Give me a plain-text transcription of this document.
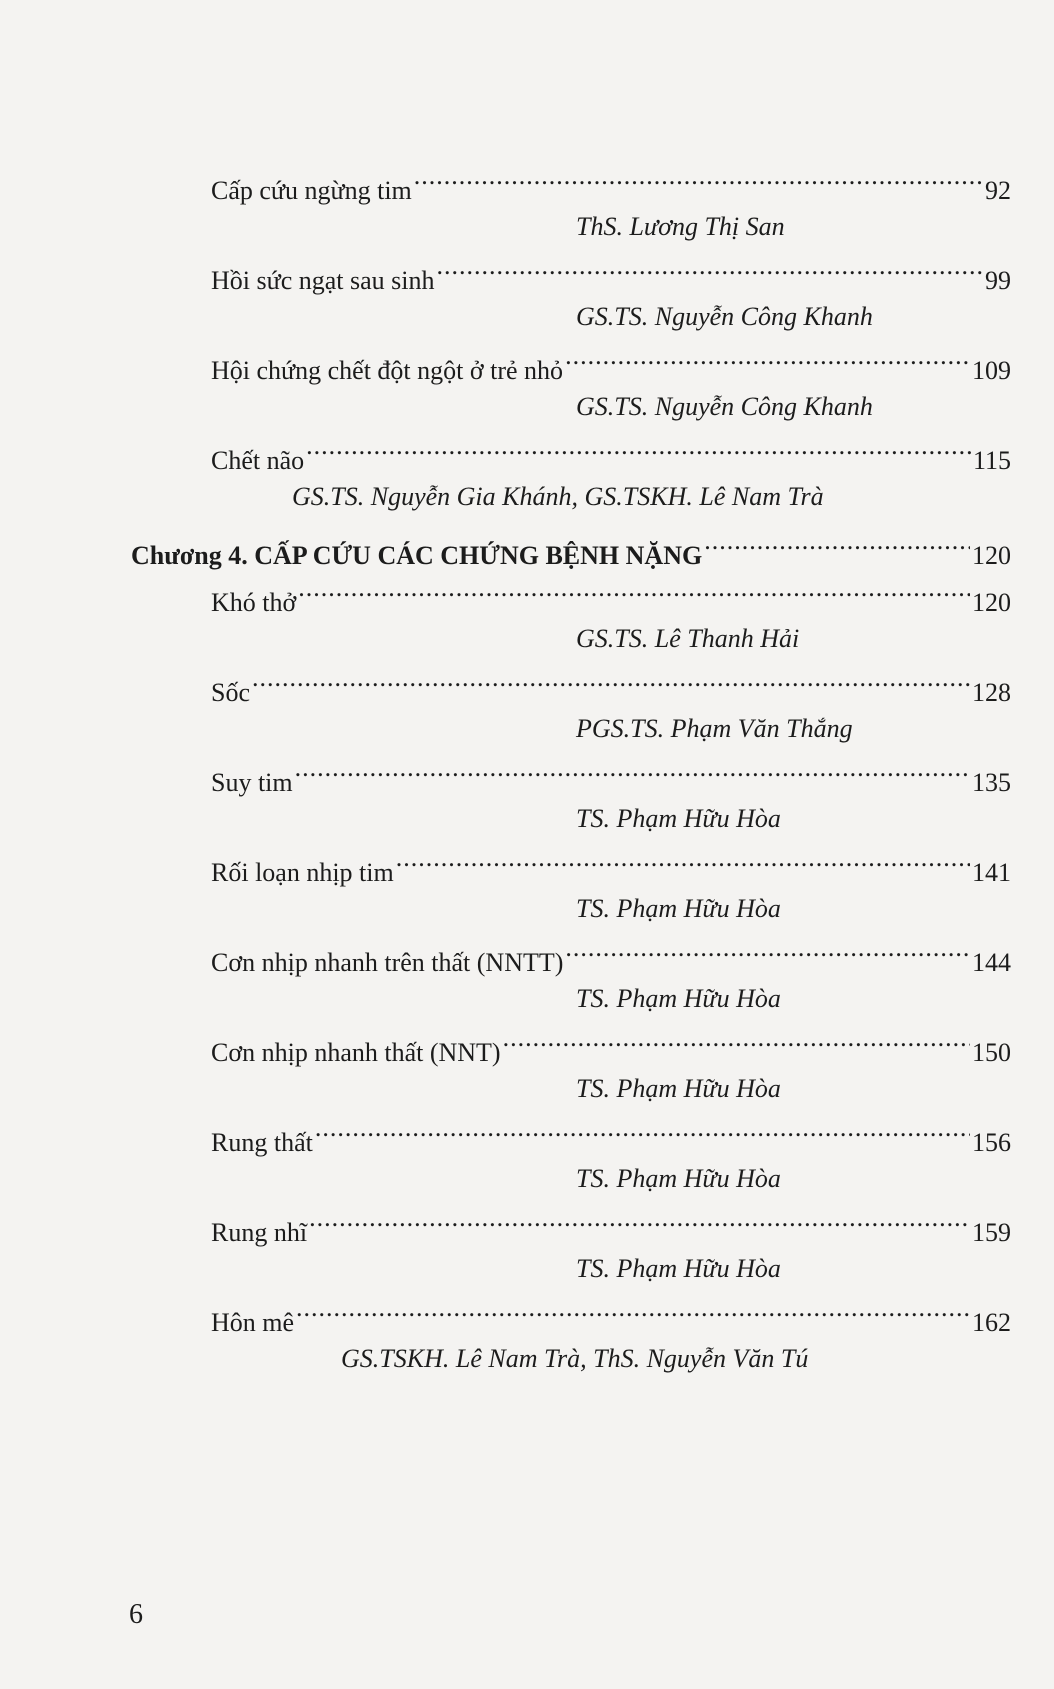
Cấp cứu ngừng tim .....	92
ThS. Lương Thị San
Hồi sức ngạt sau sinh .....	99
GS.TS. Nguyễn Công Khanh
Hội chứng chết đột ngột ở trẻ nhỏ .....	109
GS.TS. Nguyễn Công Khanh
Chết não .....	115
GS.TS. Nguyễn Gia Khánh, GS.TSKH. Lê Nam Trà
Chương 4. CẤP CỨU CÁC CHỨNG BỆNH NẶNG .....	120
Khó thở .....	120
GS.TS. Lê Thanh Hải
Sốc .....	128
PGS.TS. Phạm Văn Thắng
Suy tim .....	135
TS. Phạm Hữu Hòa
Rối loạn nhịp tim .....	141
TS. Phạm Hữu Hòa
Cơn nhịp nhanh trên thất (NNTT) .....	144
TS. Phạm Hữu Hòa
Cơn nhịp nhanh thất (NNT) .....	150
TS. Phạm Hữu Hòa
Rung thất .....	156
TS. Phạm Hữu Hòa
Rung nhĩ .....	159
TS. Phạm Hữu Hòa
Hôn mê .....	162
GS.TSKH. Lê Nam Trà, ThS. Nguyễn Văn Tú
6
